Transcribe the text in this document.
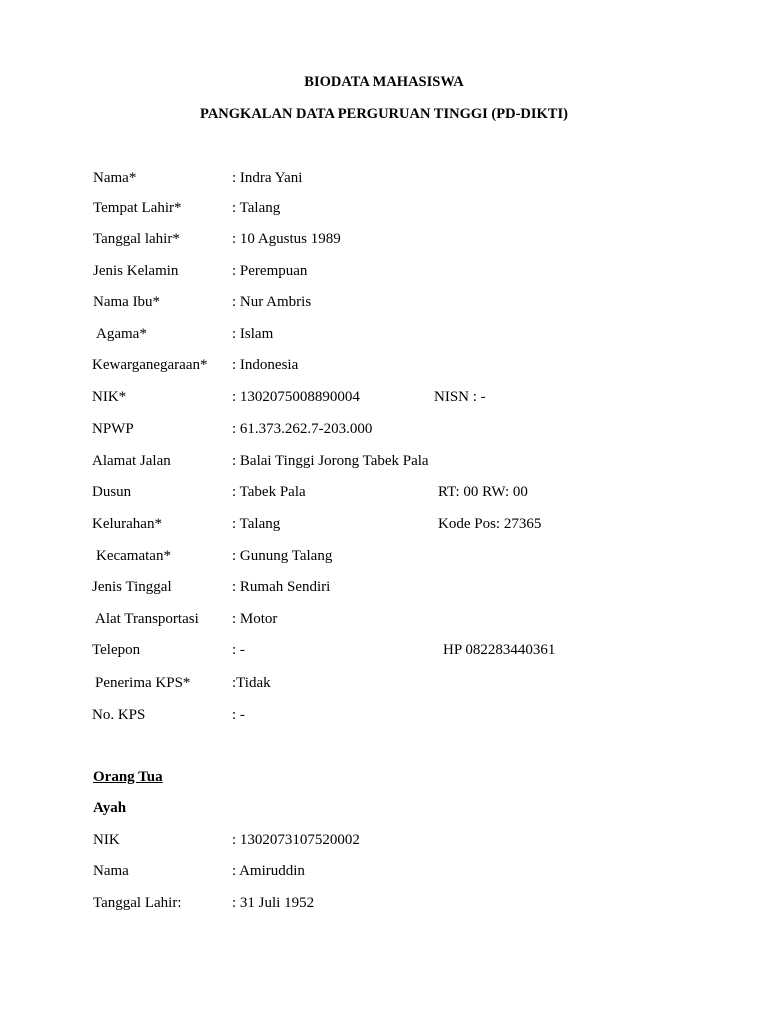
BIODATA MAHASISWA
PANGKALAN DATA PERGURUAN TINGGI (PD-DIKTI)
Nama*	: Indra Yani
Tempat Lahir*	: Talang
Tanggal lahir*	: 10 Agustus 1989
Jenis Kelamin	: Perempuan
Nama Ibu*	: Nur Ambris
Agama*	: Islam
Kewarganegaraan* : Indonesia
NIK*	: 1302075008890004	NISN : -
NPWP	: 61.373.262.7-203.000
Alamat Jalan	: Balai Tinggi Jorong Tabek Pala
Dusun	: Tabek Pala	RT: 00 RW: 00
Kelurahan*	: Talang	Kode Pos: 27365
Kecamatan*	: Gunung Talang
Jenis Tinggal	: Rumah Sendiri
Alat Transportasi : Motor
Telepon	: -	HP 082283440361
Penerima KPS*	:Tidak
No. KPS	: -
Orang Tua
Ayah
NIK	: 1302073107520002
Nama	: Amiruddin
Tanggal Lahir:	: 31 Juli 1952
